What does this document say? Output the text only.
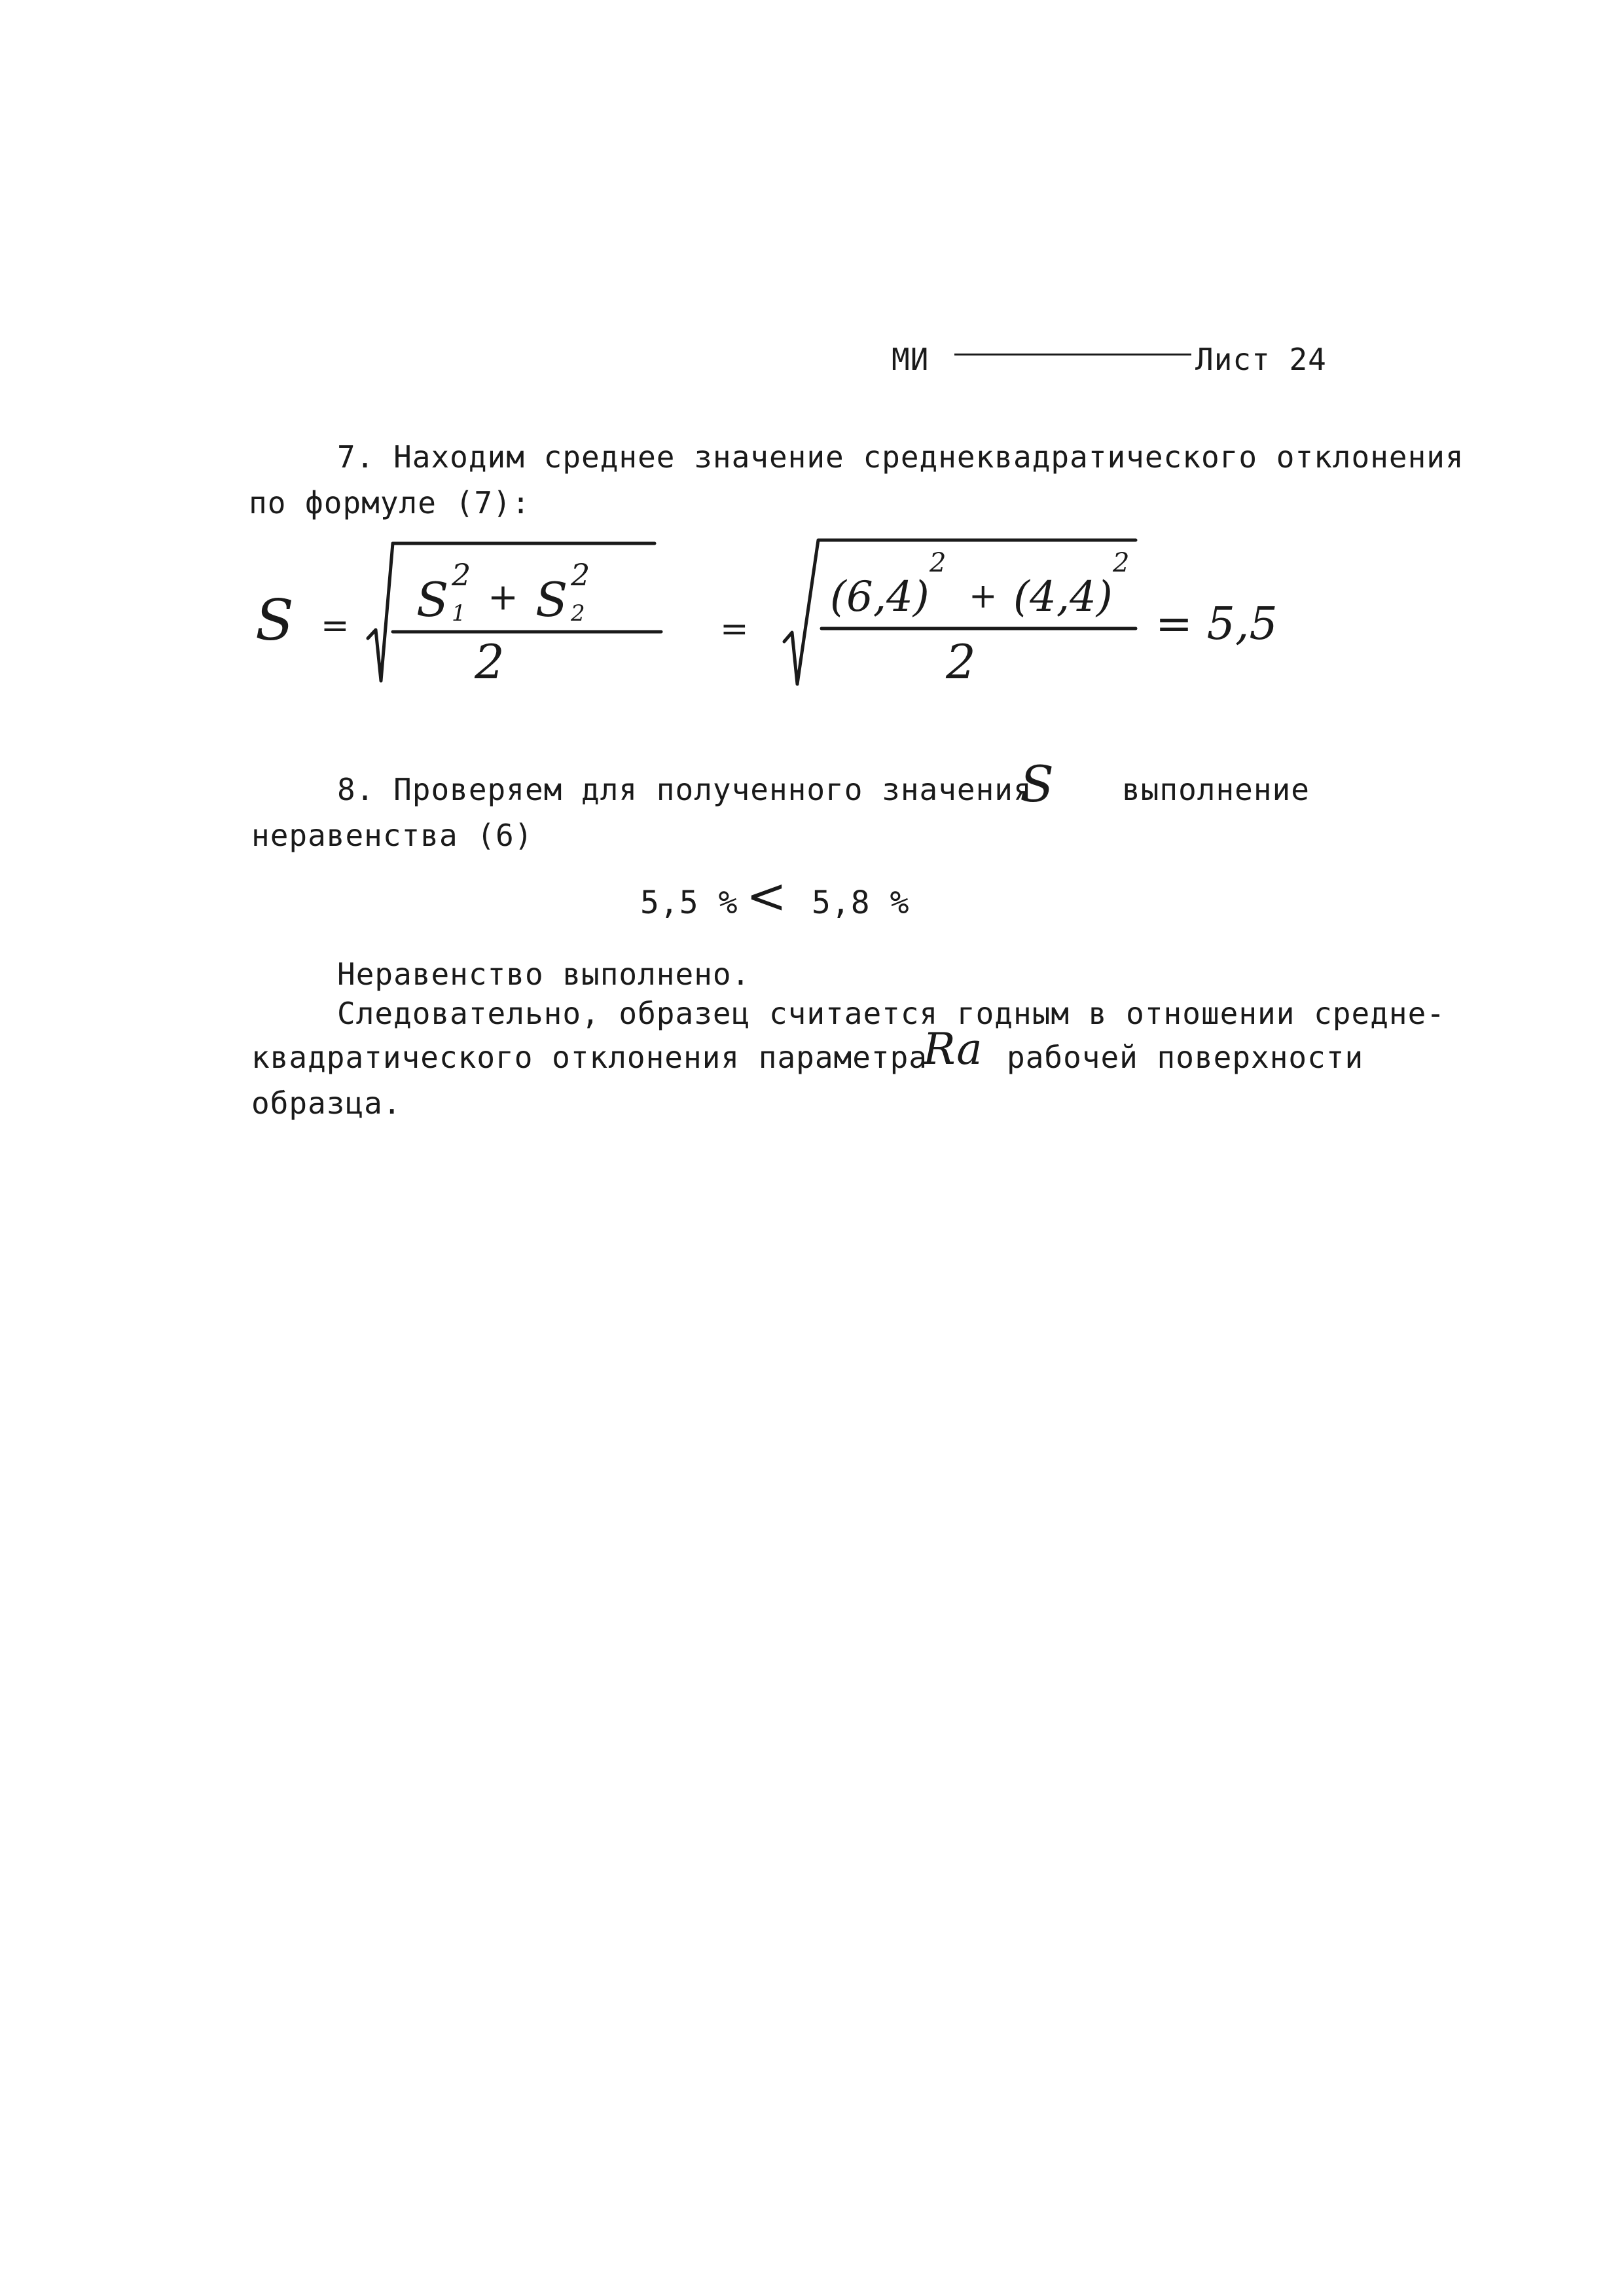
МИ	Лист 24
7. Находим среднее значение среднеквадратического отклонения
по формуле (7):
S = S 2
1 + S 2
2
2
=
(6,4)
2
+ (4,4)
2
2
= 5,5
8. Проверяем для полученного значения
S выполнение
неравенства (6)
5,5 % < 5,8 %
Неравенство выполнено.
Следовательно, образец считается годным в отношении средне-
квадратического отклонения параметра
Ra рабочей поверхности
образца.
